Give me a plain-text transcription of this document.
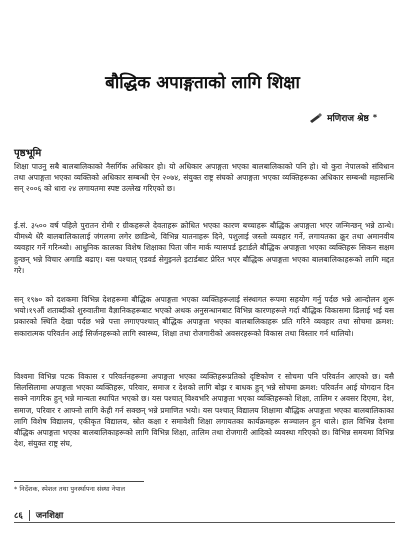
बौद्धिक अपाङ्गताको लागि शिक्षा
मणिराज श्रेष्ठ *
पृष्ठभूमि
शिक्षा पाउनु सबै बालबालिकाको नैसर्गिक अधिकार हो। यो अधिकार अपाङ्गता भएका बालबालिकाको पनि हो। यो कुरा नेपालको संविधान तथा अपाङ्गता भएका व्यक्तिको अधिकार सम्बन्धी ऐन २०७४, संयुक्त राष्ट्र संघको अपाङ्गता भएका व्यक्तिहरूका अधिकार सम्बन्धी महासन्धि सन् २००६ को धारा २४ लगायतमा स्पष्ट उल्लेख गरिएको छ।
ई.सं. ३५०० वर्ष पहिले पुरातन रोमी र ग्रीकहरूले देवताहरू क्रोधित भएका कारण बच्चाहरू बौद्धिक अपाङ्गता भएर जन्मिन्छन् भन्ने ठान्थे। यीमध्ये धेरै बालबालिकालाई जंगलमा लगेर छाडिन्थे, विभिन्न यातनाहरू दिने, पशुलाई जस्तो व्यवहार गर्ने, लगायतका क्रूर तथा अमानवीय व्यवहार गर्ने गरिन्थ्यो। आधुनिक कालका विशेष शिक्षाका पिता जीन मार्क ग्यासपर्ड इटार्डले बौद्धिक अपाङ्गता भएका व्यक्तिहरू सिकन सक्षम हुन्छन् भन्ने विचार अगाडि बढाए। यस पश्चात् एडवर्ड सेगुइनले इटार्डबाट प्रेरित भएर बौद्धिक अपाङ्गता भएका बालबालिकाहरूको लागि मद्दत गरे।
सन् १९७० को दशकमा विभिन्न देशहरूमा बौद्धिक अपाङ्गता भएका व्यक्तिहरूलाई संस्थागत रूपमा सहयोग गर्नु पर्दछ भन्ने आन्दोलन शुरू भयो।१९औं शताब्दीको शुरुवातीमा वैज्ञानिकहरूबाट भएको अथक अनुसन्धानबाट विभिन्न कारणहरूले गर्दा बौद्धिक विकासमा ढिलाई भई यस प्रकारको स्थिति देखा पर्दछ भन्ने पत्ता लगाएपश्चात् बौद्धिक अपाङ्गता भएका बालबालिकाहरू प्रति गरिने व्यवहार तथा सोचमा क्रमश: सकारात्मक परिवर्तन आई सिर्जनहरूको लागि स्वास्थ्य, शिक्षा तथा रोजगारीको अवसरहरूको विकास तथा विस्तार गर्न थालियो।
विश्वमा विभिन्न पटक विकास र परिवर्तनहरूमा अपाङ्गता भएका व्यक्तिहरूप्रतिको दृष्टिकोण र सोचमा पनि परिवर्तन आएको छ। यसै सिलसिलामा अपाङ्गता भएका व्यक्तिहरू, परिवार, समाज र देशको लागि बोझ र बाधक हुन् भन्ने सोचमा क्रमश: परिवर्तन आई योगदान दिन सक्ने नागरिक हुन् भन्ने मान्यता स्थापित भएको छ। यस पश्चात् विश्वभरि अपाङ्गता भएका व्यक्तिहरूको शिक्षा, तालिम र अवसर दिएमा, देश, समाज, परिवार र आफ्नो लागि केही गर्न सक्छन् भन्ने प्रमाणित भयो। यस पश्चात् विद्यालय शिक्षामा बौद्धिक अपाङ्गता भएका बालबालिकाका लागि विशेष विद्यालय, एकीकृत विद्यालय, स्रोत कक्षा र समावेशी शिक्षा लगायतका कार्यक्रमहरू सञ्चालन हुन थाले। हाल विभिन्न देशमा बौद्धिक अपाङ्गता भएका बालबालिकाहरूको लागि विभिन्न शिक्षा, तालिम तथा रोजगारी आदिको व्यवस्था गरिएको छ। विभिन्न समयमा विभिन्न देश, संयुक्त राष्ट्र संघ,
* निर्देशक, स्पेशल तथा पुनर्स्थापना संस्था नेपाल
८६ जनशिक्षा
